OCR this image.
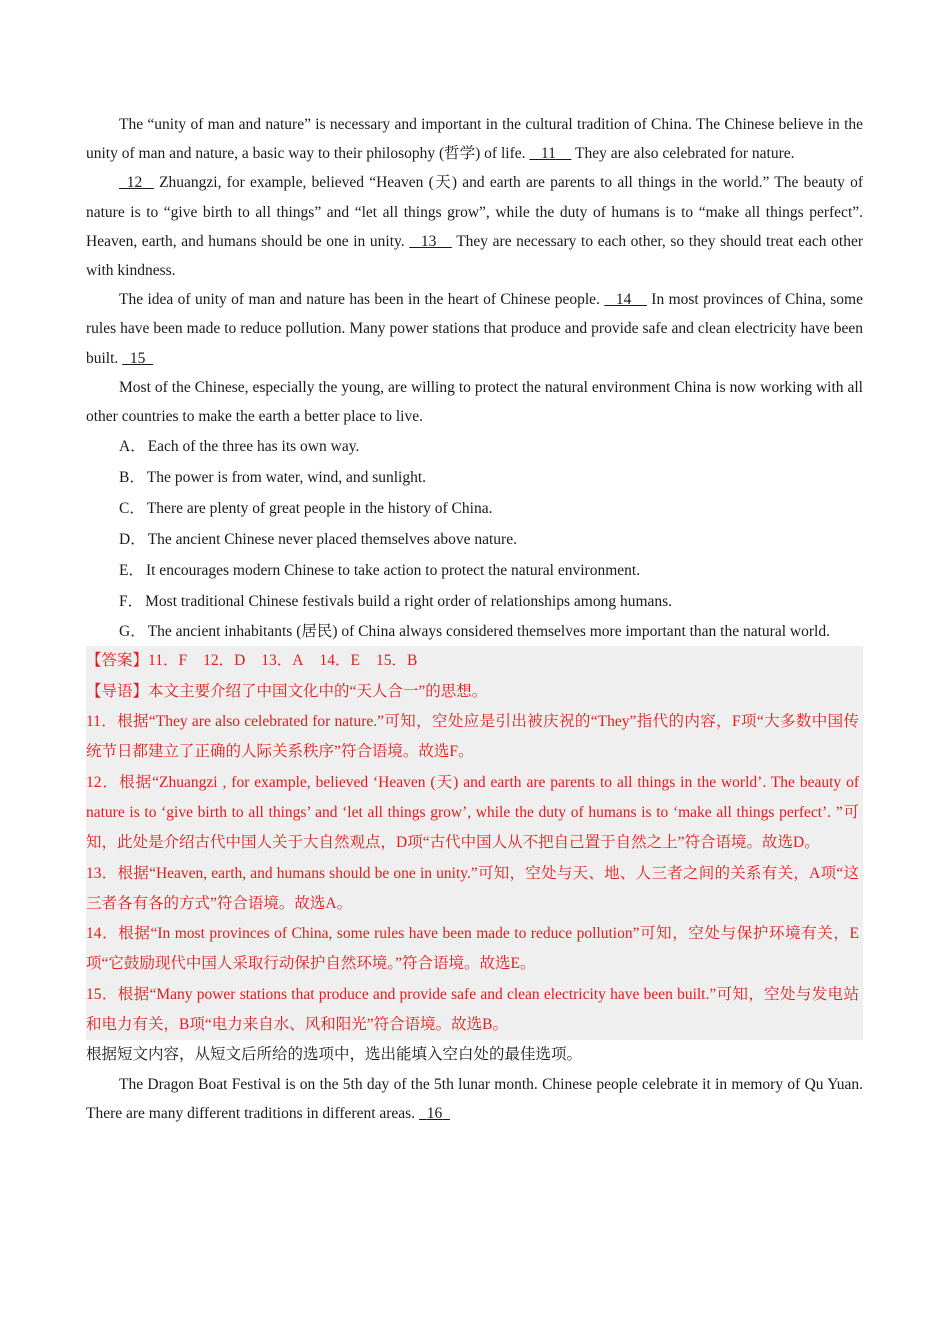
The “unity of man and nature” is necessary and important in the cultural tradition of China. The Chinese believe in the unity of man and nature, a basic way to their philosophy (哲学) of life. 11 They are also celebrated for nature.

12 Zhuangzi, for example, believed “Heaven (天) and earth are parents to all things in the world.” The beauty of nature is to “give birth to all things” and “let all things grow”, while the duty of humans is to “make all things perfect”. Heaven, earth, and humans should be one in unity. 13 They are necessary to each other, so they should treat each other with kindness.

The idea of unity of man and nature has been in the heart of Chinese people. 14 In most provinces of China, some rules have been made to reduce pollution. Many power stations that produce and provide safe and clean electricity have been built. 15

Most of the Chinese, especially the young, are willing to protect the natural environment China is now working with all other countries to make the earth a better place to live.

A． Each of the three has its own way.

B． The power is from water, wind, and sunlight.

C． There are plenty of great people in the history of China.

D． The ancient Chinese never placed themselves above nature.

E． It encourages modern Chinese to take action to protect the natural environment.

F． Most traditional Chinese festivals build a right order of relationships among humans.

G． The ancient inhabitants (居民) of China always considered themselves more important than the natural world.

【答案】11．F 12．D 13．A 14．E 15．B

【导语】本文主要介绍了中国文化中的“天人合一”的思想。

11．根据“They are also celebrated for nature.”可知，空处应是引出被庆祝的“They”指代的内容，F项“大多数中国传统节日都建立了正确的人际关系秩序”符合语境。故选F。

12．根据“Zhuangzi , for example, believed ‘Heaven (天) and earth are parents to all things in the world’. The beauty of nature is to ‘give birth to all things’ and ‘let all things grow’, while the duty of humans is to ‘make all things perfect’. ”可知，此处是介绍古代中国人关于大自然观点，D项“古代中国人从不把自己置于自然之上”符合语境。故选D。

13．根据“Heaven, earth, and humans should be one in unity.”可知，空处与天、地、人三者之间的关系有关，A项“这三者各有各的方式”符合语境。故选A。

14．根据“In most provinces of China, some rules have been made to reduce pollution”可知，空处与保护环境有关，E项“它鼓励现代中国人采取行动保护自然环境。”符合语境。故选E。

15．根据“Many power stations that produce and provide safe and clean electricity have been built.”可知，空处与发电站和电力有关，B项“电力来自水、风和阳光”符合语境。故选B。

根据短文内容，从短文后所给的选项中，选出能填入空白处的最佳选项。

The Dragon Boat Festival is on the 5th day of the 5th lunar month. Chinese people celebrate it in memory of Qu Yuan. There are many different traditions in different areas. 16
